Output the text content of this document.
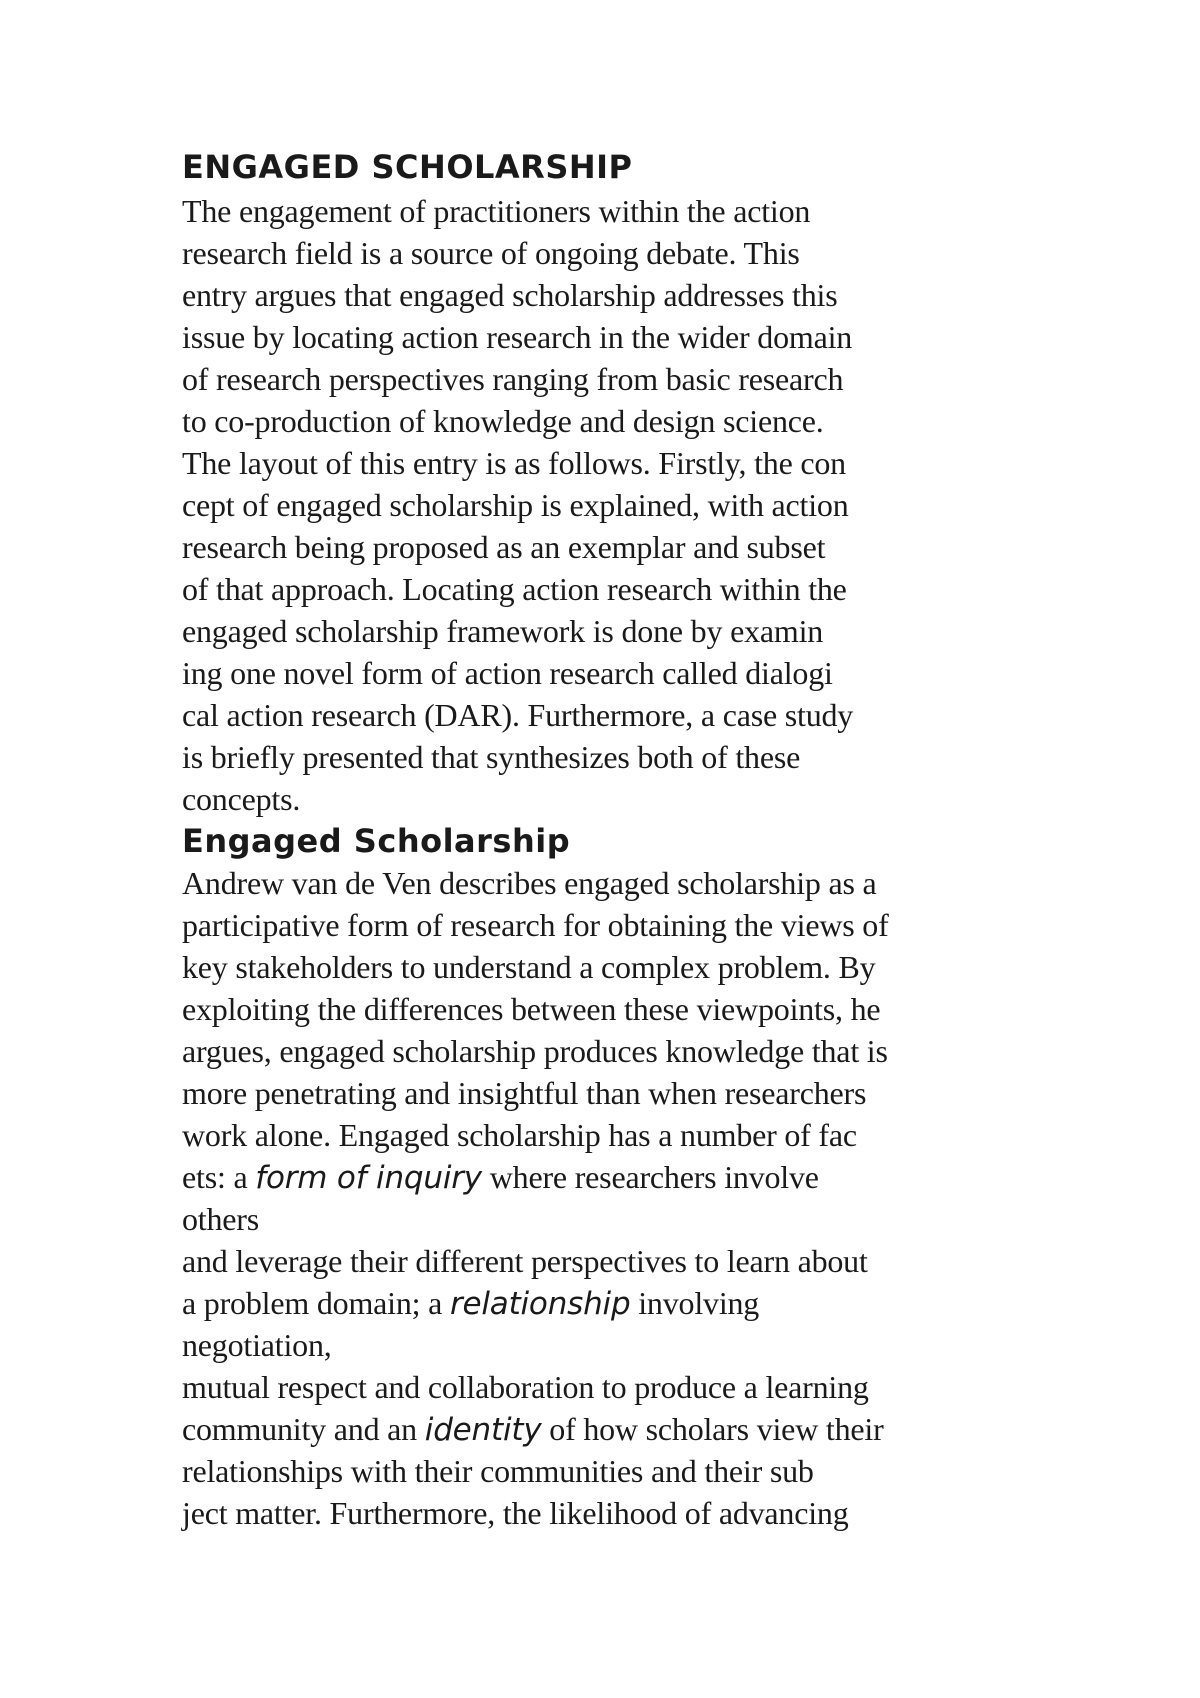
ENGAGED SCHOLARSHIP
The engagement of practitioners within the action
research field is a source of ongoing debate. This
entry argues that engaged scholarship addresses this
issue by locating action research in the wider domain
of research perspectives ranging from basic research
to co-production of knowledge and design science.
The layout of this entry is as follows. Firstly, the con
cept of engaged scholarship is explained, with action
research being proposed as an exemplar and subset
of that approach. Locating action research within the
engaged scholarship framework is done by examin
ing one novel form of action research called dialogi
cal action research (DAR). Furthermore, a case study
is briefly presented that synthesizes both of these
concepts.
Engaged Scholarship
Andrew van de Ven describes engaged scholarship as a
participative form of research for obtaining the views of
key stakeholders to understand a complex problem. By
exploiting the differences between these viewpoints, he
argues, engaged scholarship produces knowledge that is
more penetrating and insightful than when researchers
work alone. Engaged scholarship has a number of fac
ets: a form of inquiry where researchers involve
others
and leverage their different perspectives to learn about
a problem domain; a relationship involving
negotiation,
mutual respect and collaboration to produce a learning
community and an identity of how scholars view their
relationships with their communities and their sub
ject matter. Furthermore, the likelihood of advancing
